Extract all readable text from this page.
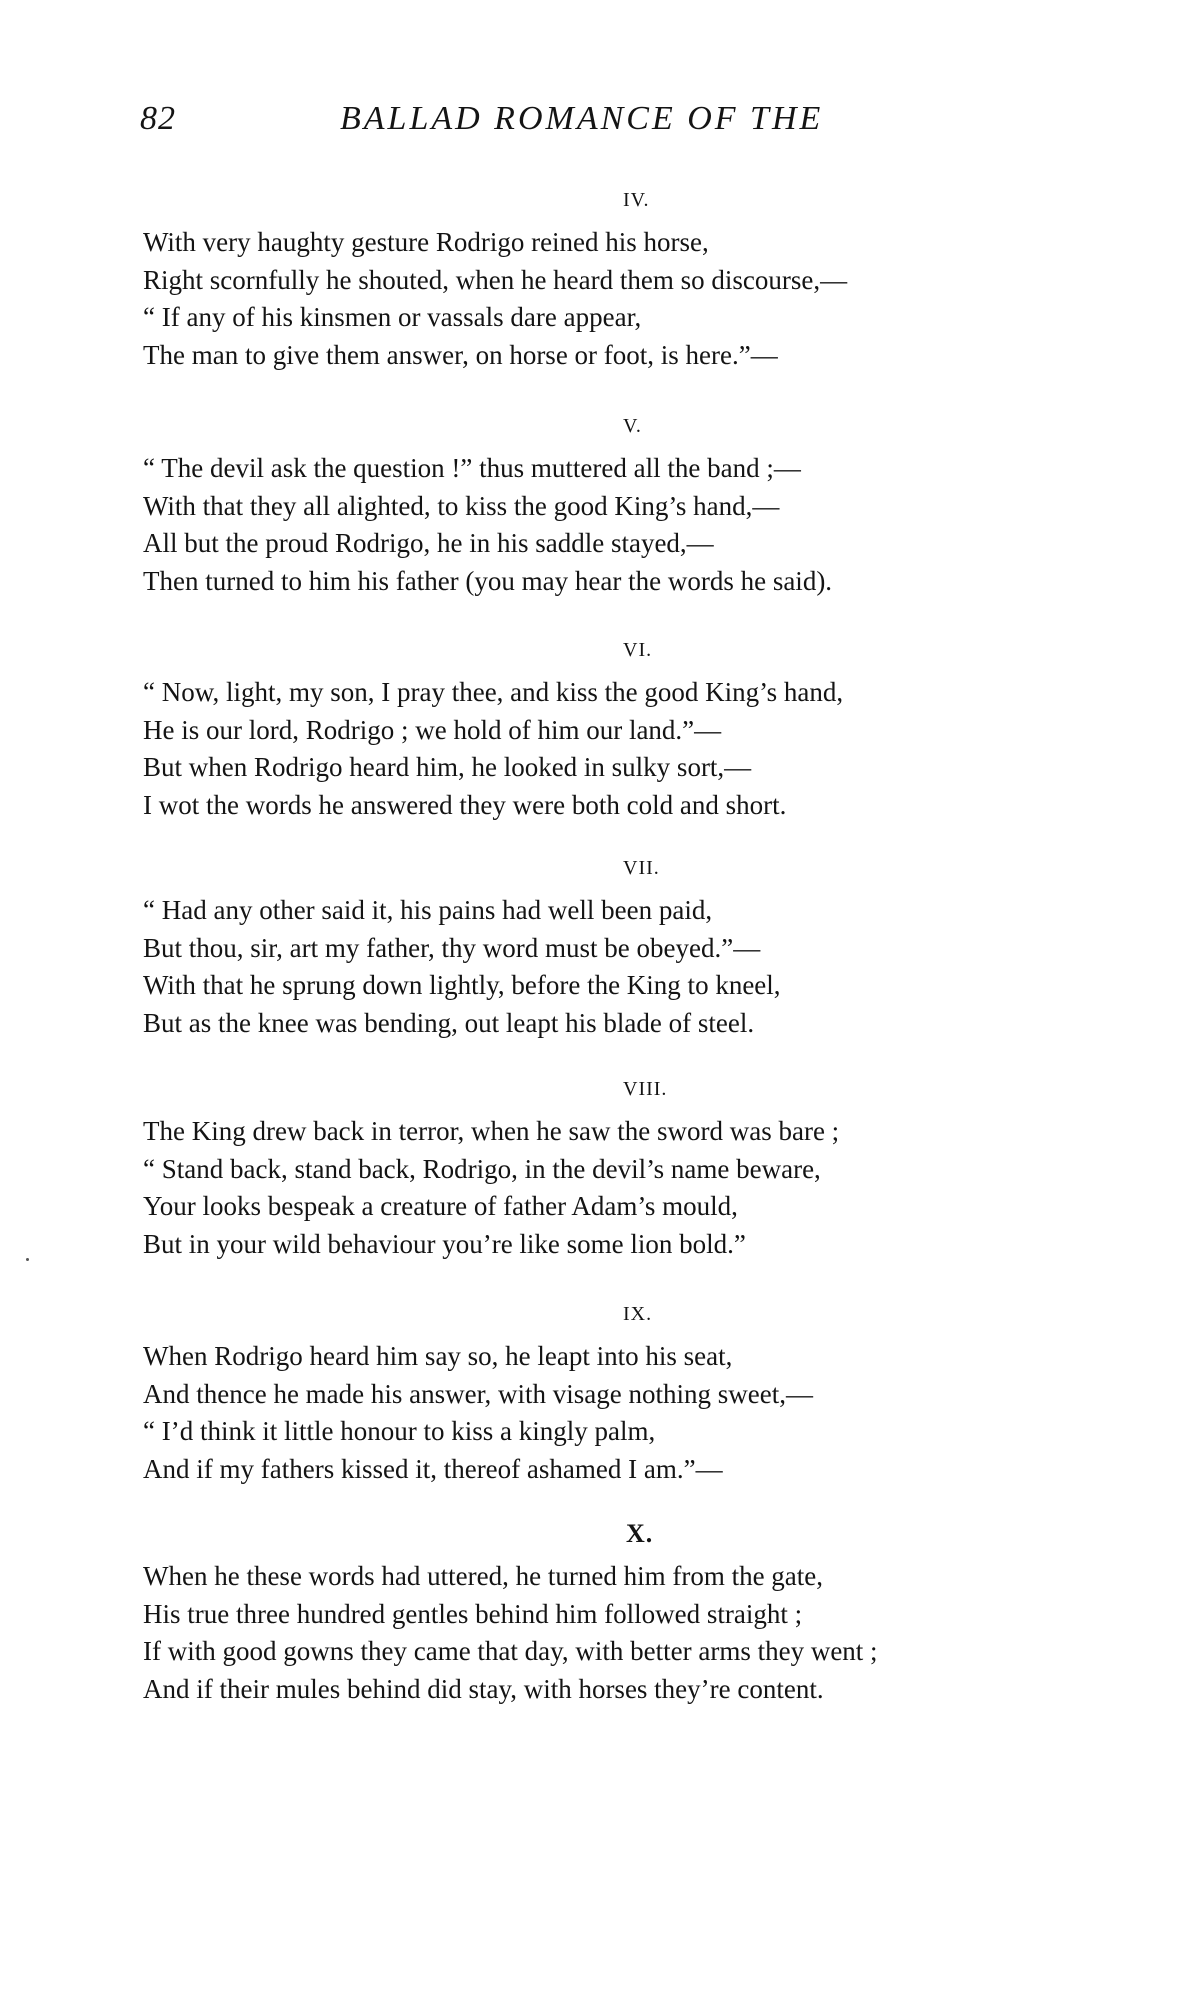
82	BALLAD ROMANCE OF THE
IV.
With very haughty gesture Rodrigo reined his horse,
Right scornfully he shouted, when he heard them so discourse,—
“ If any of his kinsmen or vassals dare appear,
The man to give them answer, on horse or foot, is here.”—
V.
“ The devil ask the question !” thus muttered all the band ;—
With that they all alighted, to kiss the good King’s hand,—
All but the proud Rodrigo, he in his saddle stayed,—
Then turned to him his father (you may hear the words he said).
VI.
“ Now, light, my son, I pray thee, and kiss the good King’s hand,
He is our lord, Rodrigo ; we hold of him our land.”—
But when Rodrigo heard him, he looked in sulky sort,—
I wot the words he answered they were both cold and short.
VII.
“ Had any other said it, his pains had well been paid,
But thou, sir, art my father, thy word must be obeyed.”—
With that he sprung down lightly, before the King to kneel,
But as the knee was bending, out leapt his blade of steel.
VIII.
The King drew back in terror, when he saw the sword was bare ;
“ Stand back, stand back, Rodrigo, in the devil’s name beware,
Your looks bespeak a creature of father Adam’s mould,
But in your wild behaviour you’re like some lion bold.”
IX.
When Rodrigo heard him say so, he leapt into his seat,
And thence he made his answer, with visage nothing sweet,—
“ I’d think it little honour to kiss a kingly palm,
And if my fathers kissed it, thereof ashamed I am.”—
X.
When he these words had uttered, he turned him from the gate,
His true three hundred gentles behind him followed straight ;
If with good gowns they came that day, with better arms they went ;
And if their mules behind did stay, with horses they’re content.
